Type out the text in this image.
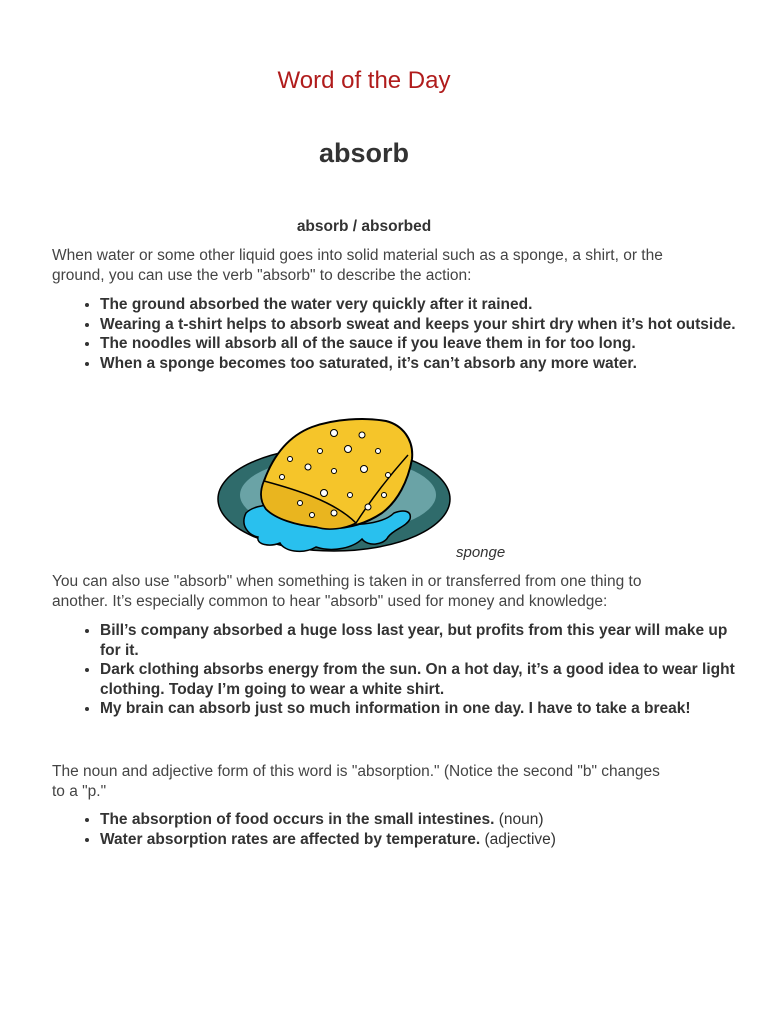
Word of the Day
absorb

absorb / absorbed

When water or some other liquid goes into solid material such as a sponge, a shirt, or the ground, you can use the verb "absorb" to describe the action:

• The ground absorbed the water very quickly after it rained.
• Wearing a t-shirt helps to absorb sweat and keeps your shirt dry when it’s hot outside.
• The noodles will absorb all of the sauce if you leave them in for too long.
• When a sponge becomes too saturated, it’s can’t absorb any more water.

sponge

You can also use "absorb" when something is taken in or transferred from one thing to another. It’s especially common to hear "absorb" used for money and knowledge:

• Bill’s company absorbed a huge loss last year, but profits from this year will make up for it.
• Dark clothing absorbs energy from the sun. On a hot day, it’s a good idea to wear light clothing. Today I’m going to wear a white shirt.
• My brain can absorb just so much information in one day. I have to take a break!

The noun and adjective form of this word is "absorption." (Notice the second "b" changes to a "p."

• The absorption of food occurs in the small intestines. (noun)
• Water absorption rates are affected by temperature. (adjective)
